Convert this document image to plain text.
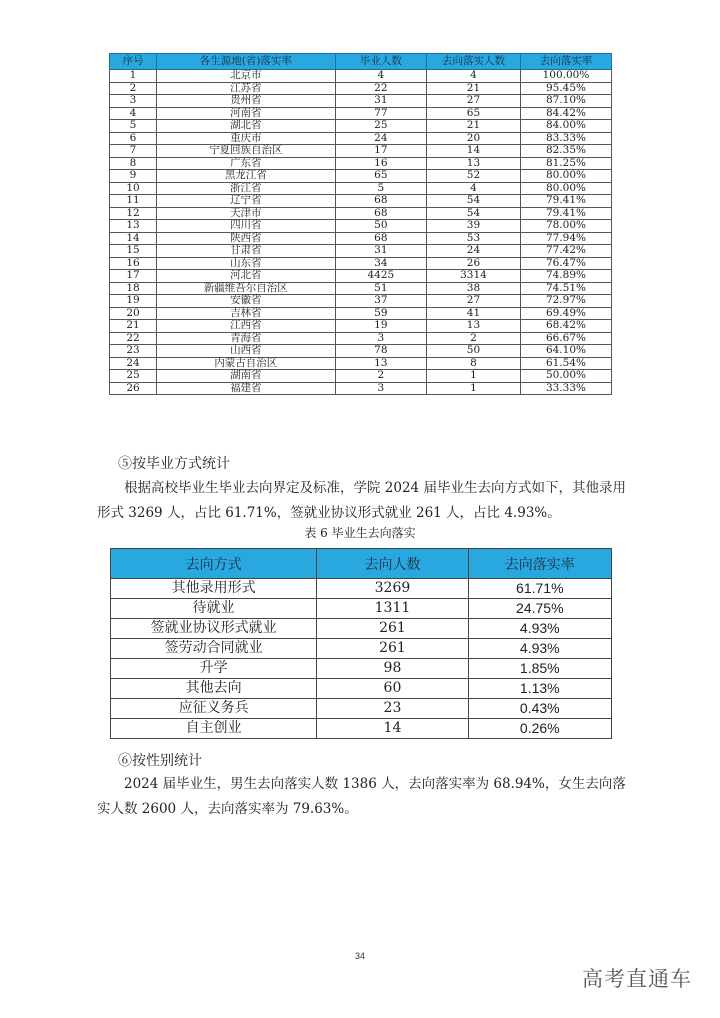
序号	各生源地(省)落实率	毕业人数	去向落实人数	去向落实率
1	北京市	4	4	100.00%
2	江苏省	22	21	95.45%
3	贵州省	31	27	87.10%
4	河南省	77	65	84.42%
5	湖北省	25	21	84.00%
6	重庆市	24	20	83.33%
7	宁夏回族自治区	17	14	82.35%
8	广东省	16	13	81.25%
9	黑龙江省	65	52	80.00%
10	浙江省	5	4	80.00%
11	辽宁省	68	54	79.41%
12	天津市	68	54	79.41%
13	四川省	50	39	78.00%
14	陕西省	68	53	77.94%
15	甘肃省	31	24	77.42%
16	山东省	34	26	76.47%
17	河北省	4425	3314	74.89%
18	新疆维吾尔自治区	51	38	74.51%
19	安徽省	37	27	72.97%
20	吉林省	59	41	69.49%
21	江西省	19	13	68.42%
22	青海省	3	2	66.67%
23	山西省	78	50	64.10%
24	内蒙古自治区	13	8	61.54%
25	湖南省	2	1	50.00%
26	福建省	3	1	33.33%
⑤按毕业方式统计

根据高校毕业生毕业去向界定及标准，学院 2024 届毕业生去向方式如下，其他录用形式 3269 人，占比 61.71%，签就业协议形式就业 261 人，占比 4.93%。

表 6 毕业生去向落实
去向方式	去向人数	去向落实率
其他录用形式	3269	61.71%
待就业	1311	24.75%
签就业协议形式就业	261	4.93%
签劳动合同就业	261	4.93%
升学	98	1.85%
其他去向	60	1.13%
应征义务兵	23	0.43%
自主创业	14	0.26%
⑥按性别统计

2024 届毕业生，男生去向落实人数 1386 人，去向落实率为 68.94%，女生去向落实人数 2600 人，去向落实率为 79.63%。

34
高考直通车
